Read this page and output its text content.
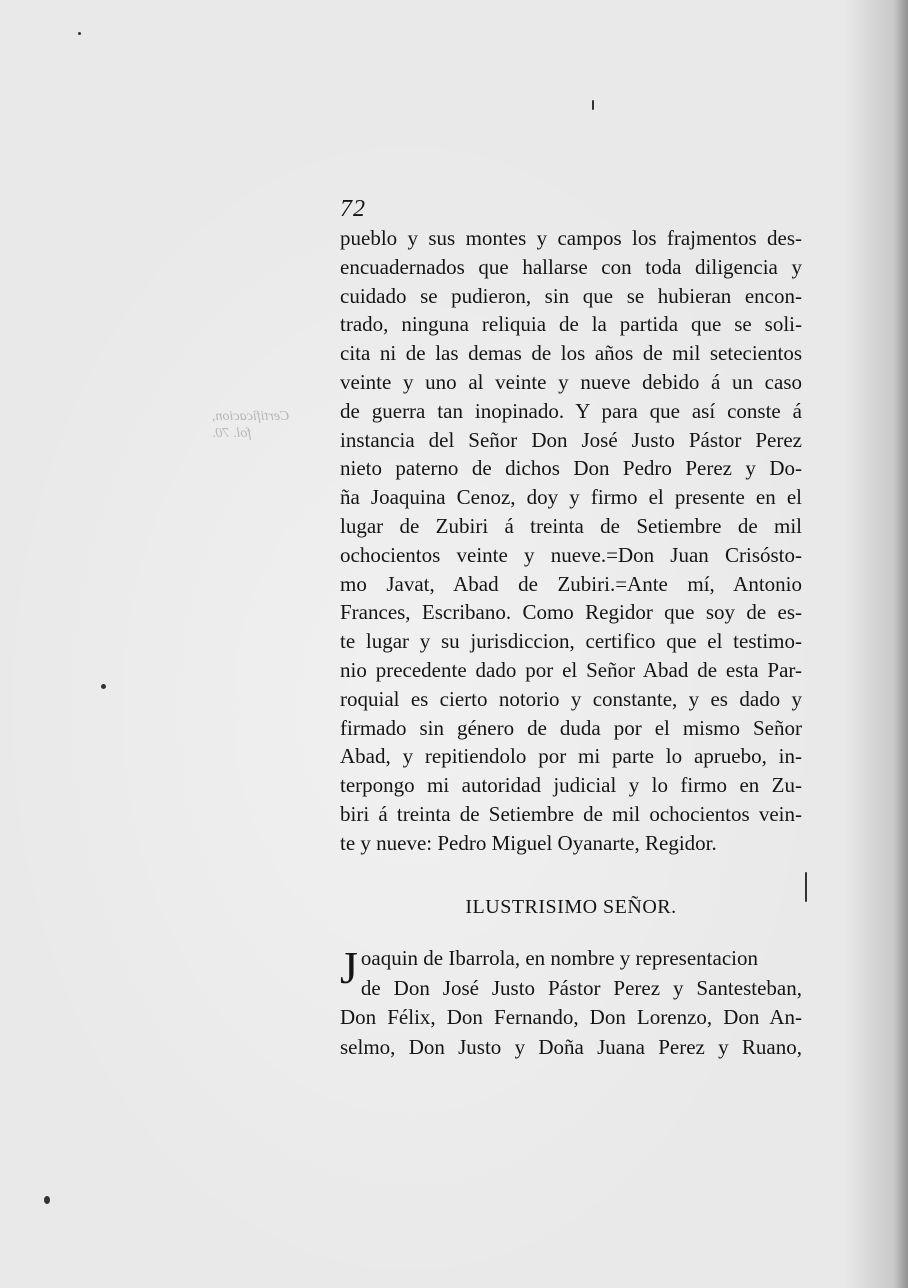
72
Certificacion,
fol. 70.
pueblo y sus montes y campos los frajmentos des-
encuadernados que hallarse con toda diligencia y
cuidado se pudieron, sin que se hubieran encon-
trado, ninguna reliquia de la partida que se soli-
cita ni de las demas de los años de mil setecientos
veinte y uno al veinte y nueve debido á un caso
de guerra tan inopinado. Y para que así conste á
instancia del Señor Don José Justo Pástor Perez
nieto paterno de dichos Don Pedro Perez y Do-
ña Joaquina Cenoz, doy y firmo el presente en el
lugar de Zubiri á treinta de Setiembre de mil
ochocientos veinte y nueve.=Don Juan Crisósto-
mo Javat, Abad de Zubiri.=Ante mí, Antonio
Frances, Escribano. Como Regidor que soy de es-
te lugar y su jurisdiccion, certifico que el testimo-
nio precedente dado por el Señor Abad de esta Par-
roquial es cierto notorio y constante, y es dado y
firmado sin género de duda por el mismo Señor
Abad, y repitiendolo por mi parte lo apruebo, in-
terpongo mi autoridad judicial y lo firmo en Zu-
biri á treinta de Setiembre de mil ochocientos vein-
te y nueve: Pedro Miguel Oyanarte, Regidor.

ILUSTRISIMO SEÑOR.
J oaquin de Ibarrola, en nombre y representacion
de Don José Justo Pástor Perez y Santesteban,
Don Félix, Don Fernando, Don Lorenzo, Don An-
selmo, Don Justo y Doña Juana Perez y Ruano,
